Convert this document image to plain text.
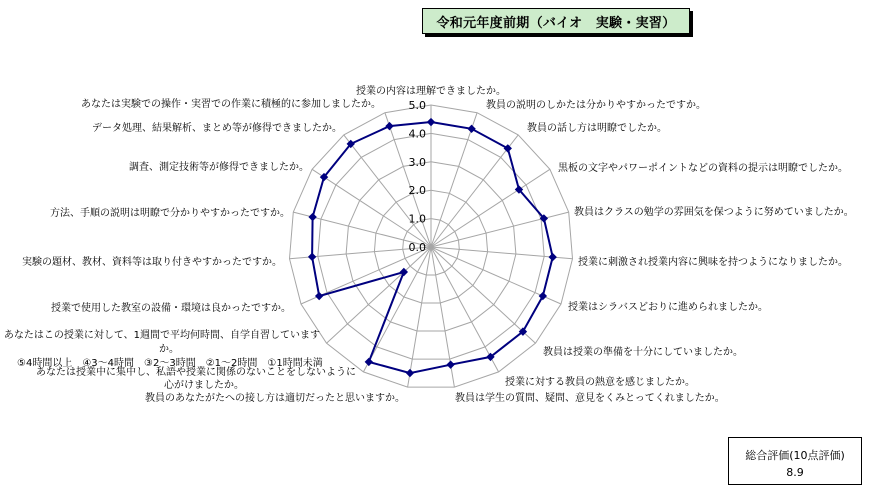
令和元年度前期（バイオ　実験・実習）
0.0
1.0
2.0
3.0
4.0
5.0
授業の内容は理解できましたか。
教員の説明のしかたは分かりやすかったですか。
教員の話し方は明瞭でしたか。
黒板の文字やパワーポイントなどの資料の提示は明瞭でしたか。
教員はクラスの勉学の雰囲気を保つように努めていましたか。
授業に刺激され授業内容に興味を持つようになりましたか。
授業はシラバスどおりに進められましたか。
教員は授業の準備を十分にしていましたか。
授業に対する教員の熱意を感じましたか。
教員は学生の質問、疑問、意見をくみとってくれましたか。
教員のあなたがたへの接し方は適切だったと思いますか。
あなたは授業中に集中し、私語や授業に関係のないことをしないように心がけましたか。
あなたはこの授業に対して、1週間で平均何時間、自学自習していますか。 ⑤4時間以上　④3～4時間　③2～3時間　②1～2時間　①1時間未満
授業で使用した教室の設備・環境は良かったですか。
実験の題材、教材、資料等は取り付きやすかったですか。
方法、手順の説明は明瞭で分かりやすかったですか。
調査、測定技術等が修得できましたか。
データ処理、結果解析、まとめ等が修得できましたか。
あなたは実験での操作・実習での作業に積極的に参加しましたか。
総合評価(10点評価)
8.9
